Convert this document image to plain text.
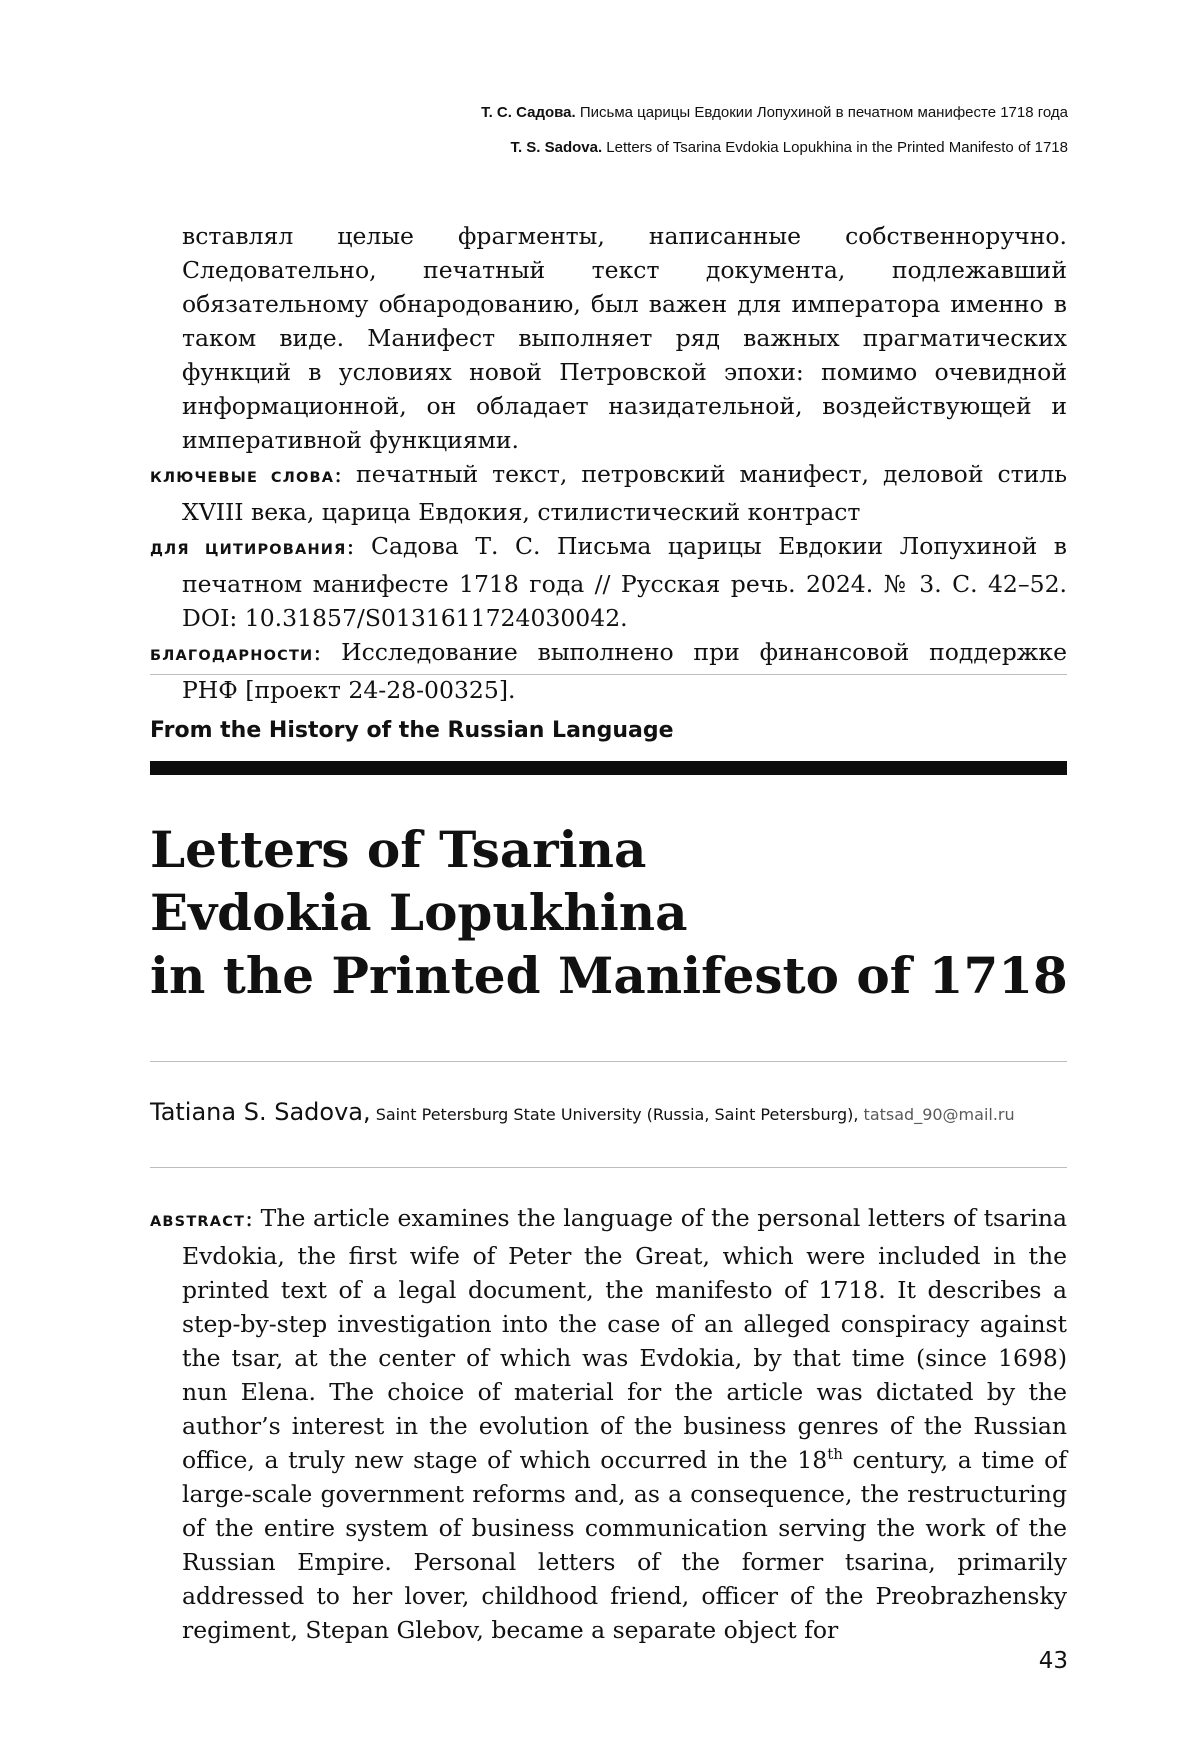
Т. С. Садова. Письма царицы Евдокии Лопухиной в печатном манифесте 1718 года
T. S. Sadova. Letters of Tsarina Evdokia Lopukhina in the Printed Manifesto of 1718

вставлял целые фрагменты, написанные собственноручно. Следовательно, печатный текст документа, подлежавший обязательному обнародованию, был важен для императора именно в таком виде. Манифест выполняет ряд важных прагматических функций в условиях новой Петровской эпохи: помимо очевидной информационной, он обладает назидательной, воздействующей и императивной функциями.

КЛЮЧЕВЫЕ СЛОВА: печатный текст, петровский манифест, деловой стиль XVIII века, царица Евдокия, стилистический контраст

ДЛЯ ЦИТИРОВАНИЯ: Садова Т. С. Письма царицы Евдокии Лопухиной в печатном манифесте 1718 года // Русская речь. 2024. № 3. С. 42–52. DOI: 10.31857/S0131611724030042.

БЛАГОДАРНОСТИ: Исследование выполнено при финансовой поддержке РНФ [проект 24-28-00325].

From the History of the Russian Language
Letters of Tsarina
Evdokia Lopukhina
in the Printed Manifesto of 1718
Tatiana S. Sadova, Saint Petersburg State University (Russia, Saint Petersburg), tatsad_90@mail.ru

ABSTRACT: The article examines the language of the personal letters of tsarina Evdokia, the first wife of Peter the Great, which were included in the printed text of a legal document, the manifesto of 1718. It describes a step-by-step investigation into the case of an alleged conspiracy against the tsar, at the center of which was Evdokia, by that time (since 1698) nun Elena. The choice of material for the article was dictated by the author’s interest in the evolution of the business genres of the Russian office, a truly new stage of which occurred in the 18th century, a time of large-scale government reforms and, as a consequence, the restructuring of the entire system of business communication serving the work of the Russian Empire. Personal letters of the former tsarina, primarily addressed to her lover, childhood friend, officer of the Preobrazhensky regiment, Stepan Glebov, became a separate object for

43
